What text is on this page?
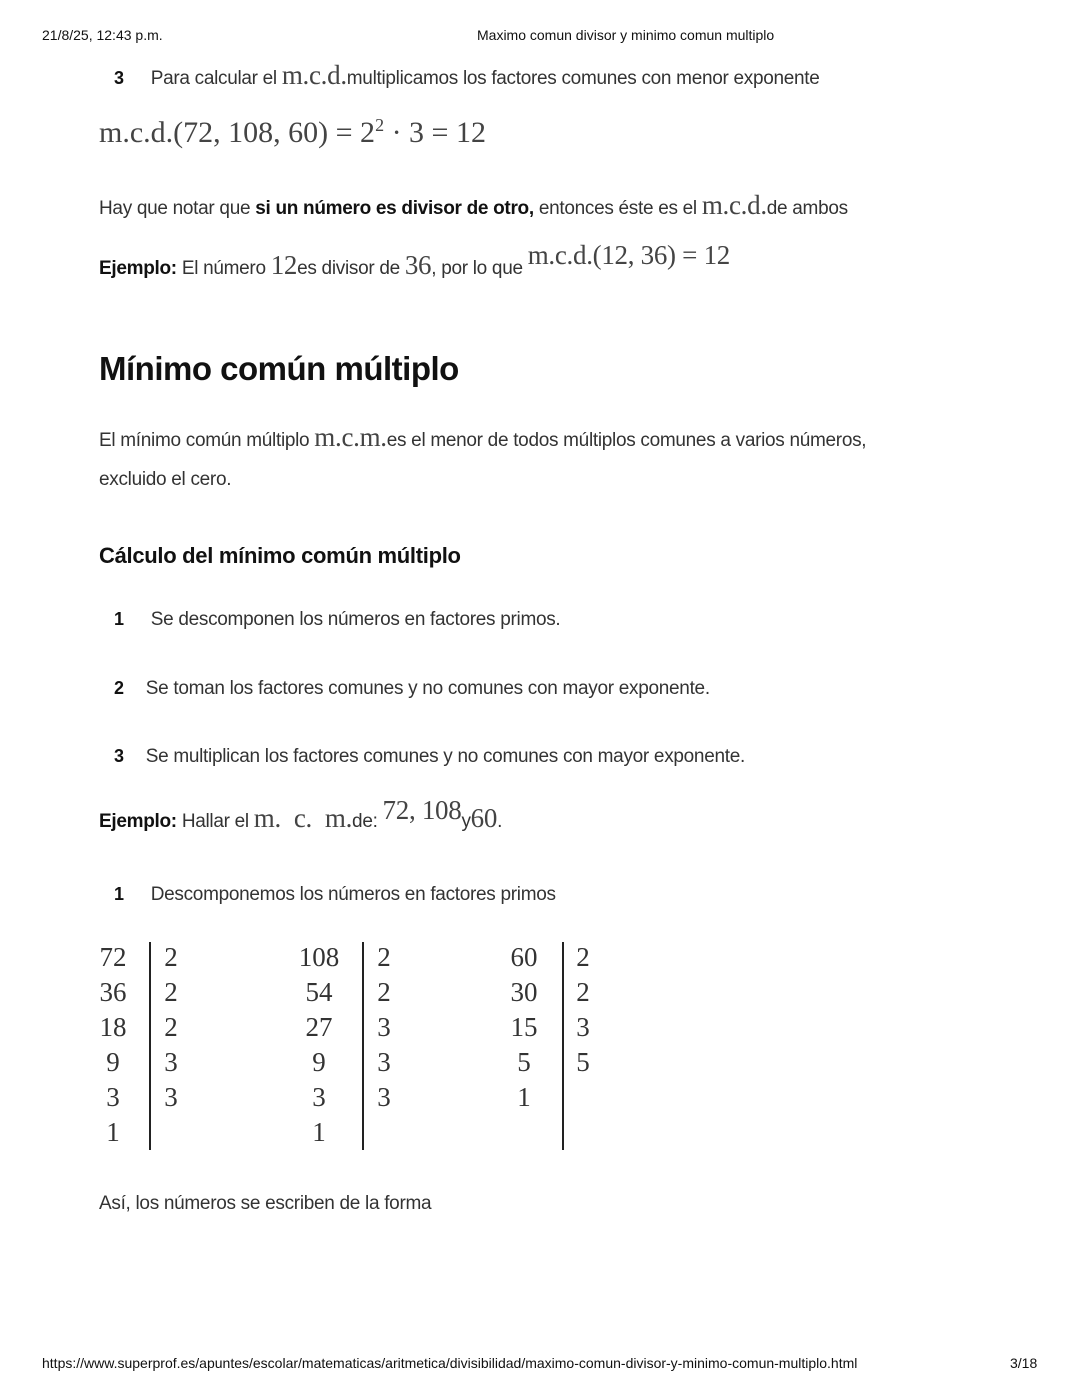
21/8/25, 12:43 p.m.	Maximo comun divisor y minimo comun multiplo
3 Para calcular el m.c.d.multiplicamos los factores comunes con menor exponente
m.c.d.(72, 108, $60) = 2^2 \cdot 3 = 12$
Hay que notar que si un número es divisor de otro, entonces éste es el m.c.d.de ambos
Ejemplo: El número 12es divisor de 36, por lo que m.c.d.(12, 36) = 12
Mínimo común múltiplo
El mínimo común múltiplo m.c.m.es el menor de todos múltiplos comunes a varios números,
excluido el cero.
Cálculo del mínimo común múltiplo
1 Se descomponen los números en factores primos.
2 Se toman los factores comunes y no comunes con mayor exponente.
3 Se multiplican los factores comunes y no comunes con mayor exponente.
Ejemplo: Hallar el m.  c.  m.de: 72, 108y60.
1 Descomponemos los números en factores primos
72
36
18
9
3
1
2
2
2
3
3
108
54
27
9
3
1
2
2
3
3
3
60
30
15
5
1
2
2
3
5
Así, los números se escriben de la forma
https://www.superprof.es/apuntes/escolar/matematicas/aritmetica/divisibilidad/maximo-comun-divisor-y-minimo-comun-multiplo.html	3/18
